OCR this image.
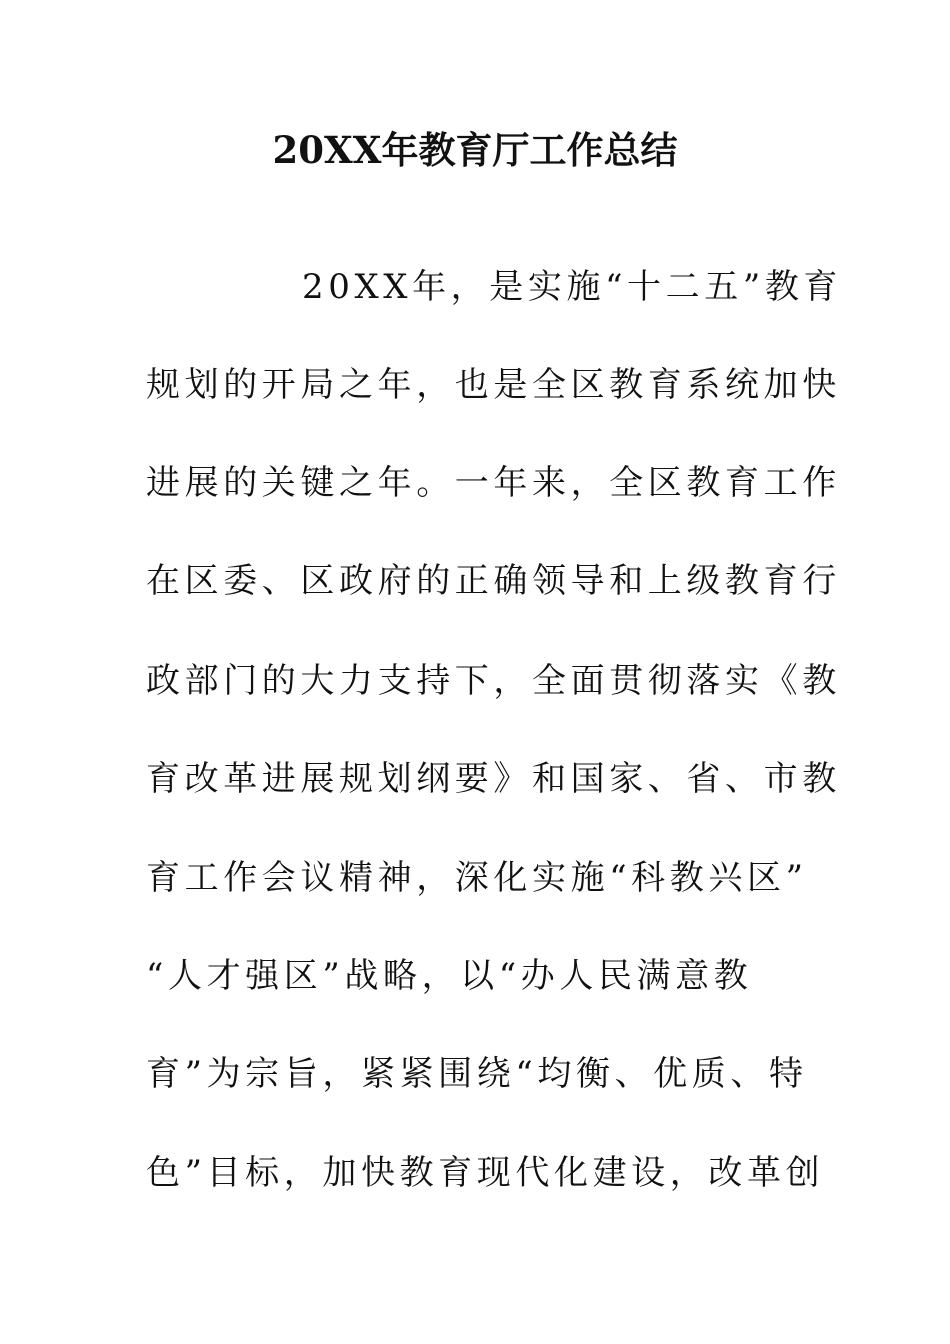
20XX年教育厅工作总结
20XX年，是实施“十二五”教育
规划的开局之年，也是全区教育系统加快
进展的关键之年。一年来，全区教育工作
在区委、区政府的正确领导和上级教育行
政部门的大力支持下，全面贯彻落实《教
育改革进展规划纲要》和国家、省、市教
育工作会议精神，深化实施“科教兴区”
“人才强区”战略，以“办人民满意教
育”为宗旨，紧紧围绕“均衡、优质、特
色”目标，加快教育现代化建设，改革创
